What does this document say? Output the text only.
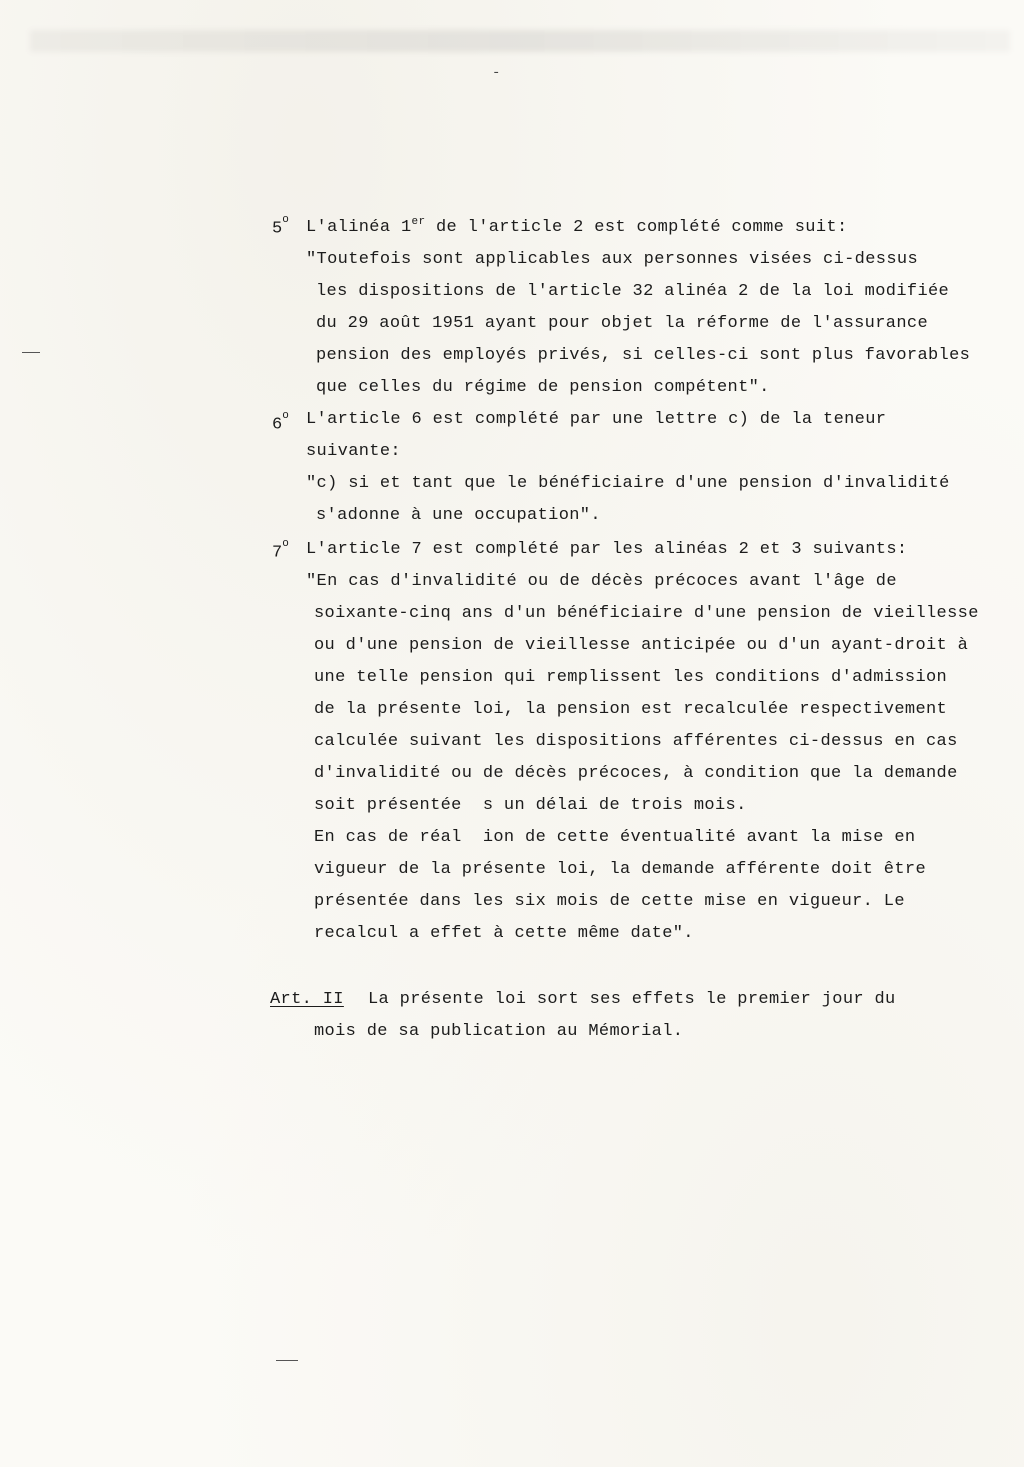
-
5$^o$ L'alinéa 1er de l'article 2 est complété comme suit:
"Toutefois sont applicables aux personnes visées ci-dessus
les dispositions de l'article 32 alinéa 2 de la loi modifiée
du 29 août 1951 ayant pour objet la réforme de l'assurance
pension des employés privés, si celles-ci sont plus favorables
que celles du régime de pension compétent".
6$^o$ L'article 6 est complété par une lettre c) de la teneur
suivante:
"c) si et tant que le bénéficiaire d'une pension d'invalidité
s'adonne à une occupation".
7$^o$ L'article 7 est complété par les alinéas 2 et 3 suivants:
"En cas d'invalidité ou de décès précoces avant l'âge de
soixante-cinq ans d'un bénéficiaire d'une pension de vieillesse
ou d'une pension de vieillesse anticipée ou d'un ayant-droit à
une telle pension qui remplissent les conditions d'admission
de la présente loi, la pension est recalculée respectivement
calculée suivant les dispositions afférentes ci-dessus en cas
d'invalidité ou de décès précoces, à condition que la demande
soit présentée  s un délai de trois mois.
En cas de réal  ion de cette éventualité avant la mise en
vigueur de la présente loi, la demande afférente doit être
présentée dans les six mois de cette mise en vigueur. Le
recalcul a effet à cette même date".
Art. II La présente loi sort ses effets le premier jour du
mois de sa publication au Mémorial.
